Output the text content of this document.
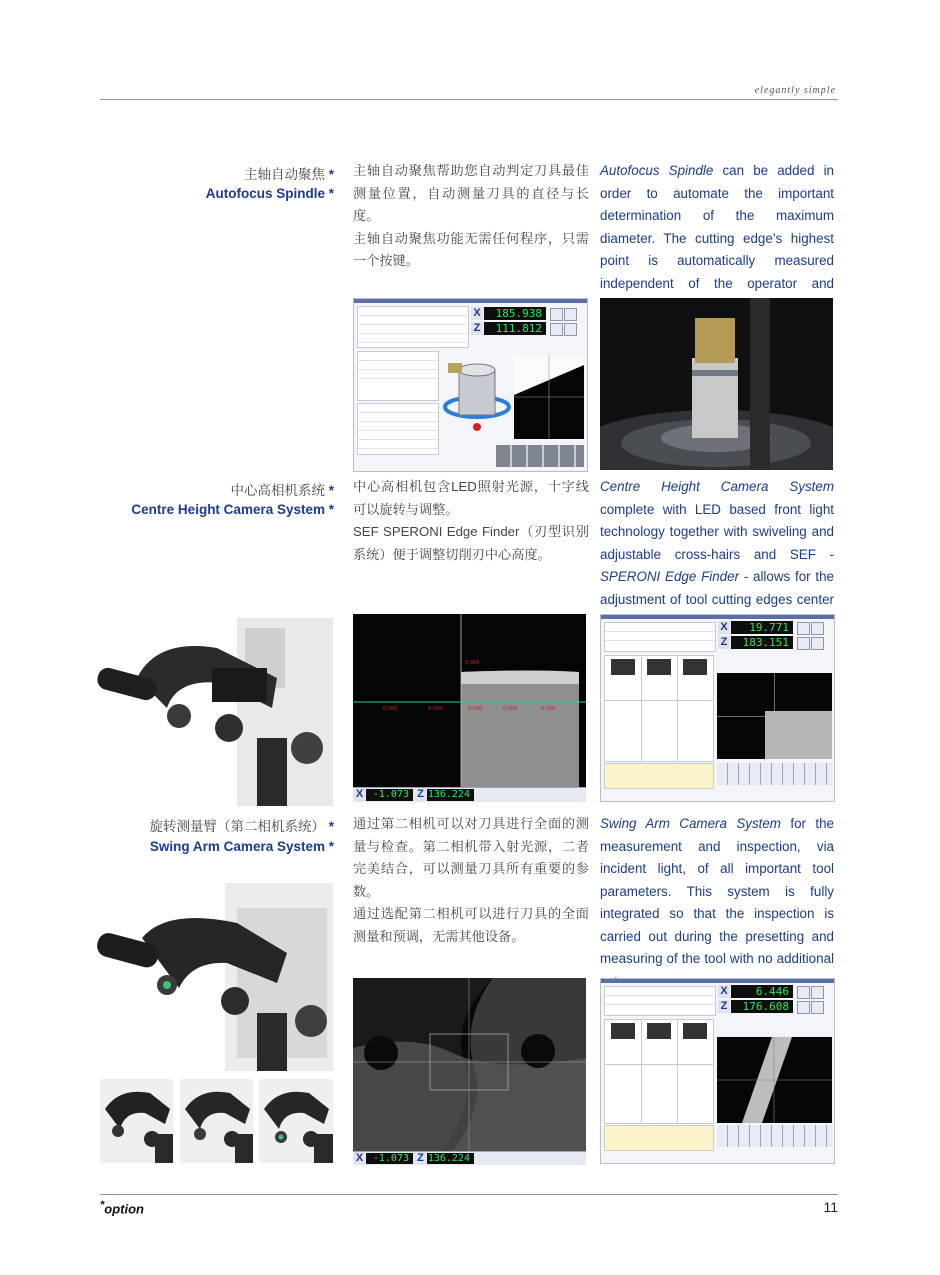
elegantly simple
主轴自动聚焦 *
Autofocus Spindle *

主轴自动聚焦帮助您自动判定刀具最佳测量位置，自动测量刀具的直径与长度。

主轴自动聚焦功能无需任何程序，只需一个按键。

Autofocus Spindle can be added in order to automate the important determination of the maximum diameter. The cutting edge’s highest point is automatically measured independent of the operator and
X	185.938
Z	111.812
中心高相机系统 *
Centre Height Camera System *

中心高相机包含LED照射光源，十字线可以旋转与调整。

SEF SPERONI Edge Finder（刃型识别系统）便于调整切削刃中心高度。

Centre Height Camera System complete with LED based front light technology together with swiveling and adjustable cross-hairs and SEF - SPERONI Edge Finder - allows for the adjustment of tool cutting edges center
0.000	0.000	0.000	0.000	0.000
0.000
X -1.073 Z 136.224
X	19.771
Z	183.151
旋转测量臂（第二相机系统） *
Swing Arm Camera System *

通过第二相机可以对刀具进行全面的测量与检查。第二相机带入射光源，二者完美结合，可以测量刀具所有重要的参数。

通过选配第二相机可以进行刀具的全面测量和预调，无需其他设备。

Swing Arm Camera System for the measurement and inspection, via incident light, of all important tool parameters. This system is fully integrated so that the inspection is carried out during the presetting and measuring of the tool with no additional
X -1.073 Z 136.224
X	6.446
Z	176.608
*option	11
